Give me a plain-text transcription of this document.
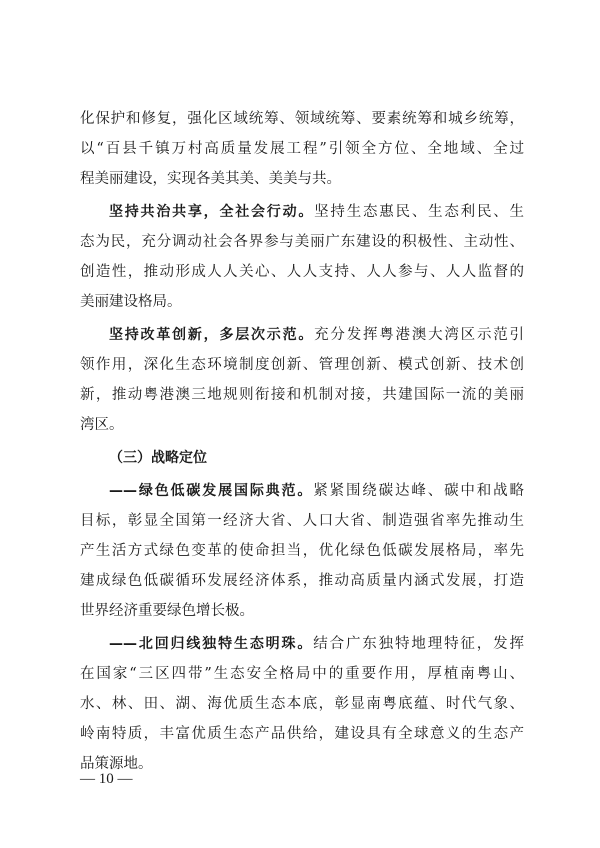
化保护和修复，强化区域统筹、领域统筹、要素统筹和城乡统筹，
以“百县千镇万村高质量发展工程”引领全方位、全地域、全过
程美丽建设，实现各美其美、美美与共。
坚持共治共享，全社会行动。坚持生态惠民、生态利民、生
态为民，充分调动社会各界参与美丽广东建设的积极性、主动性、
创造性，推动形成人人关心、人人支持、人人参与、人人监督的
美丽建设格局。
坚持改革创新，多层次示范。充分发挥粤港澳大湾区示范引
领作用，深化生态环境制度创新、管理创新、模式创新、技术创
新，推动粤港澳三地规则衔接和机制对接，共建国际一流的美丽
湾区。
（三）战略定位
——绿色低碳发展国际典范。紧紧围绕碳达峰、碳中和战略
目标，彰显全国第一经济大省、人口大省、制造强省率先推动生
产生活方式绿色变革的使命担当，优化绿色低碳发展格局，率先
建成绿色低碳循环发展经济体系，推动高质量内涵式发展，打造
世界经济重要绿色增长极。
——北回归线独特生态明珠。结合广东独特地理特征，发挥
在国家“三区四带”生态安全格局中的重要作用，厚植南粤山、
水、林、田、湖、海优质生态本底，彰显南粤底蕴、时代气象、
岭南特质，丰富优质生态产品供给，建设具有全球意义的生态产
品策源地。
— 10 —
